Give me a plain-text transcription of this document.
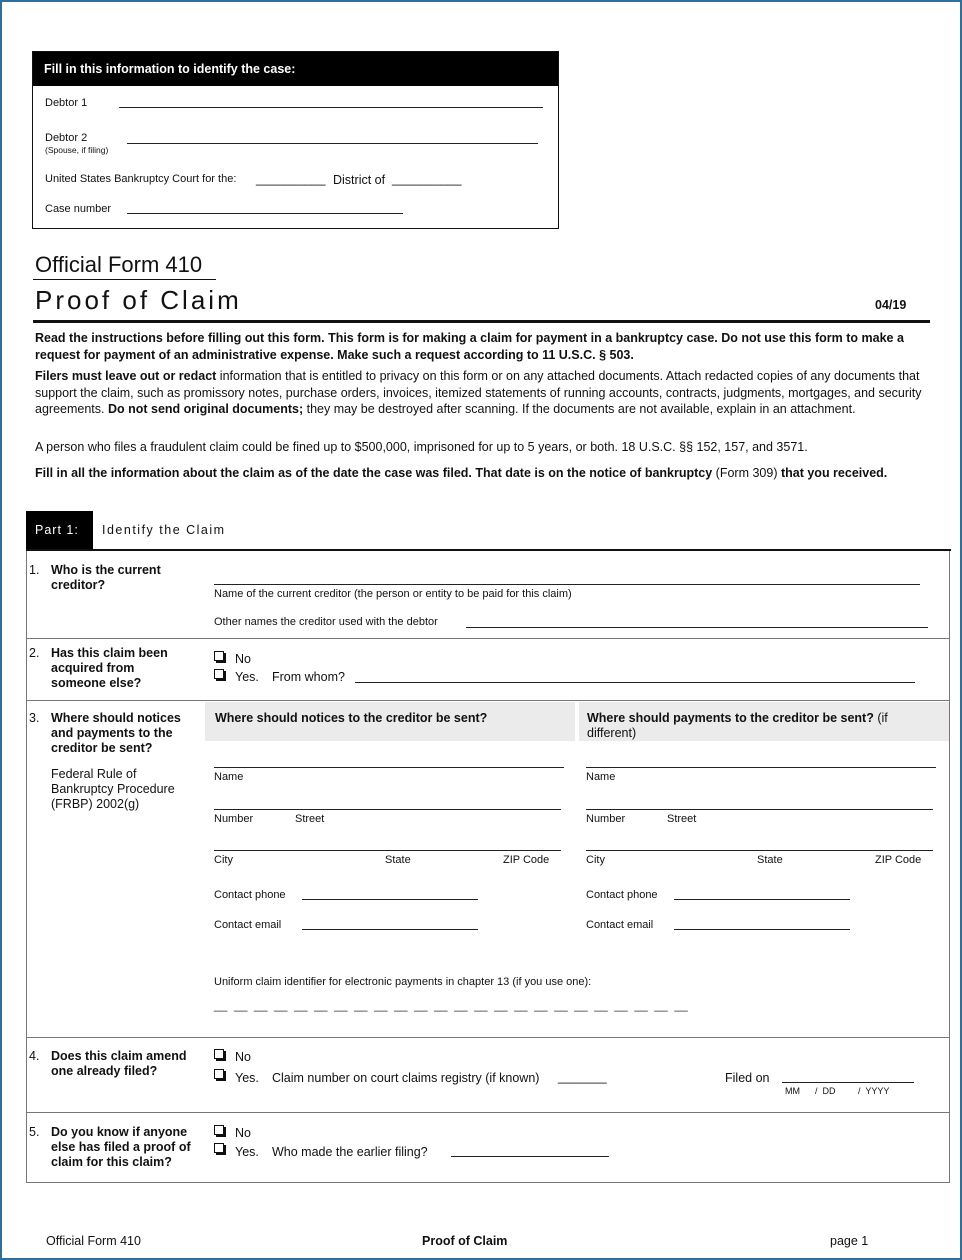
Fill in this information to identify the case:
Debtor 1
Debtor 2
(Spouse, if filing)
United States Bankruptcy Court for the: __________ District of __________
Case number
Official Form 410
Proof of Claim	04/19
Read the instructions before filling out this form. This form is for making a claim for payment in a bankruptcy case. Do not use this form to make a request for payment of an administrative expense. Make such a request according to 11 U.S.C. § 503.
Filers must leave out or redact information that is entitled to privacy on this form or on any attached documents. Attach redacted copies of any documents that support the claim, such as promissory notes, purchase orders, invoices, itemized statements of running accounts, contracts, judgments, mortgages, and security agreements. Do not send original documents; they may be destroyed after scanning. If the documents are not available, explain in an attachment.
A person who files a fraudulent claim could be fined up to $500,000, imprisoned for up to 5 years, or both. 18 U.S.C. §§ 152, 157, and 3571.
Fill in all the information about the claim as of the date the case was filed. That date is on the notice of bankruptcy (Form 309) that you received.
Part 1:	Identify the Claim
1. Who is the current creditor?
Name of the current creditor (the person or entity to be paid for this claim)
Other names the creditor used with the debtor
2. Has this claim been acquired from someone else?
No
Yes. From whom?
3. Where should notices and payments to the creditor be sent?
Federal Rule of Bankruptcy Procedure (FRBP) 2002(g)
Where should notices to the creditor be sent?	Where should payments to the creditor be sent? (if different)
Name
Number	Street
City	State	ZIP Code
Contact phone
Contact email
Name
Number	Street
City	State	ZIP Code
Contact phone
Contact email
Uniform claim identifier for electronic payments in chapter 13 (if you use one):
__  __  __  __  __  __  __  __  __  __  __  __  __  __  __  __  __  __  __  __  __  __  __  __
4. Does this claim amend one already filed?
No
Yes. Claim number on court claims registry (if known) _______	Filed on
MM /  DD /  YYYY
5. Do you know if anyone else has filed a proof of claim for this claim?
No
Yes. Who made the earlier filing?
Official Form 410	Proof of Claim	page 1
